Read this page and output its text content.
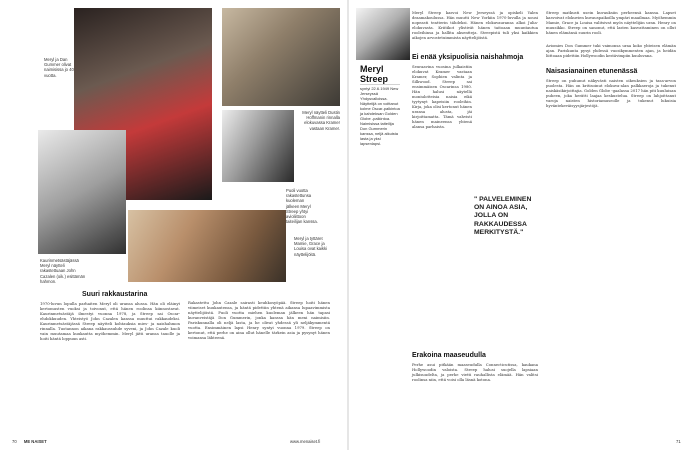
Meryl ja Dan Gummer olivat naimisissa jo 40 vuotta.
Meryl näytteli Dustin Hoffmanin rinnalla elokuvassa Kramer vastaan Kramer.
Puoli vuotta rakastettunsa kuoleman jälkeen Meryl Streep yhtyi avioliittoon taiteilijan kanssa.
Kaurinmetsästäjässä Meryl näytteli rakastettuaan John Cazalen (oik.) esittämän hahmon.
Meryl ja tyttäret Mamie, Grace ja Louisa ovat kaikki näyttelijöitä.
Suuri rakkaustarina
1970-luvun lopulla parhaiten Meryl oli uransa alussa. Hän oli eläinyt kertomusten vuoksi ja toivonut, että hänen roolinsa kiinnostavat. Kaurinmetsästäjä ilmestyi vuonna 1978, ja Streep sai Oscar-ehdokkuuden. Yhteistyö John Cazalen kanssa muuttui rakkaudeksi. Kaurinmetsästäjässä Streep näytteli kohtauksia mies- ja naishahmon rinnalla. Tuotannon aikana rakkaussuhde syveni, ja John Cazale kuoli vain muutamaa kuukautta myöhemmin. Meryl jätti uransa tauolle ja hoiti häntä loppuun asti.
Rakastettu John Cazale sairasti keuhkosyöpää. Streep hoiti hänen viimeiset kuukautensa, ja häntä pidettiin yhtenä aikansa lupaavimmista näyttelijöistä. Puoli vuotta miehen kuoleman jälkeen hän tapasi kuvanveistäjä Don Gummerin, jonka kanssa hän meni naimisiin. Pariskunnalla oli neljä lasta, ja he olivat yhdessä yli neljäkymmentä vuotta. Ensimmäinen lapsi Henry syntyi vuonna 1979. Streep on kertonut, että perhe on aina ollut hänelle tärkein asia ja pysynyt hänen voimansa lähteenä.
70 ME NAISET	www.menaiset.fi
Meryl
Streep
syntyi 22.6.1949 New Jerseyssä Yhdysvalloissa. Näyttelijä on voittanut kolme Oscar-palkintoa ja kahdeksan Golden Globe -palkintoa. Naimisissa taiteilija Don Gummerin kanssa, neljä aikuista lasta ja yksi lapsenlapsi.
Meryl Streep kasvoi New Jerseyssä ja opiskeli Yalen draamakoulussa. Hän muutti New Yorkiin 1970-luvulla ja nousi nopeasti teatterin tähdeksi. Hänen elokuvauransa alkoi Julia-elokuvasta. Kriitikot ylistivät hänen taitoaan muuntautua rooleihinsa ja hallita aksentteja. Streepistä tuli yksi kaikkien aikojen arvostetuimmista näyttelijöistä.
Ei enää yksipuolisia naishahmoja
Seuraavina vuosina julkaistiin elokuvat Kramer vastaan Kramer, Sophien valinta ja Silkwood. Streep sai ensimmäisen Oscarinsa 1980. Hän halusi näytellä moniulotteisia naisia eikä tyytynyt kapeisiin rooleihin. Kirja, joka olisi kertonut hänen uransa alusta, jäi kirjoittamatta. Tämä vahvisti hänen maineensa yhtenä alansa parhaista.
Erakoina maaseudulla
Perhe asui pitkään maaseudulla Connecticutissa, kaukana Hollywoodin valoista. Streep halusi suojella lapsiaan julkisuudelta, ja perhe vietti rauhallista elämää. Hän valitsi roolinsa niin, että voisi olla läsnä kotona.
" PALVELEMINEN ON AINOA ASIA, JOLLA ON RAKKAUDESSA MERKITYSTÄ."
Streep matkusti usein kuvauksiin perheensä kanssa. Lapset kasvoivat elokuvien kuvauspaikoilla ympäri maailmaa. Myöhemmin Mamie, Grace ja Louisa valitsivat myös näyttelijän uran. Henry on muusikko. Streep on sanonut, että lasten kasvattaminen on ollut hänen elämänsä suurin rooli.
Aviomies Don Gummer tuki vaimonsa uraa koko yhteisen elämän ajan. Pariskunta pysyi yhdessä vuosikymmenten ajan, ja heidän liittoaan pidettiin Hollywoodin kestävimpiin kuuluvana.
Naisasianainen etunenässä
Streep on puhunut näkyvästi naisten oikeuksien ja tasa-arvon puolesta. Hän on kritisoinut elokuva-alan palkkaeroja ja tukenut naiskäsikirjoittajia. Golden Globe -gaalassa 2017 hän piti kuuluisan puheen, joka herätti laajaa keskustelua. Streep on lahjoittanut varoja naisten historiamuseolle ja tukenut lukuisia hyväntekeväisyysjärjestöjä.
71
